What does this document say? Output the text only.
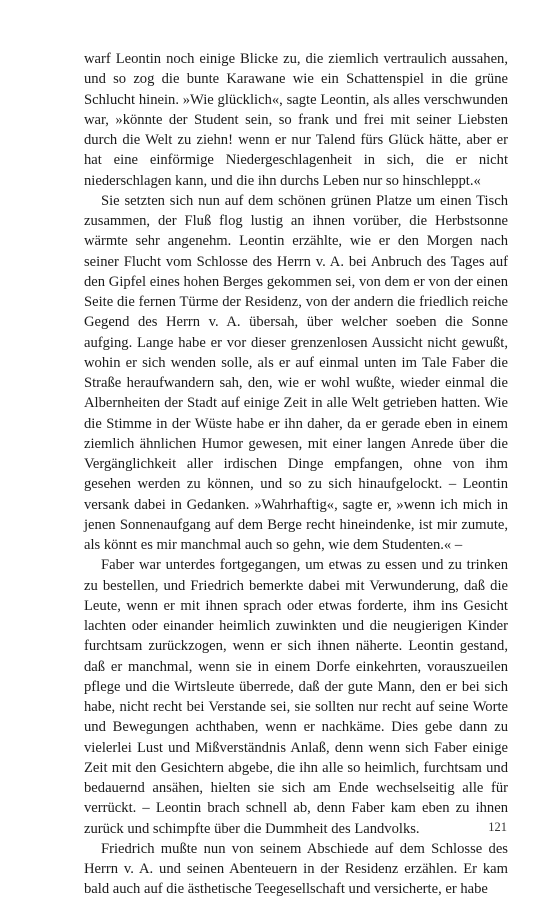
warf Leontin noch einige Blicke zu, die ziemlich vertraulich aussahen, und so zog die bunte Karawane wie ein Schattenspiel in die grüne Schlucht hinein. »Wie glücklich«, sagte Leontin, als alles verschwunden war, »könnte der Student sein, so frank und frei mit seiner Liebsten durch die Welt zu ziehn! wenn er nur Talend fürs Glück hätte, aber er hat eine einförmige Niedergeschlagenheit in sich, die er nicht niederschlagen kann, und die ihn durchs Leben nur so hinschleppt.«

Sie setzten sich nun auf dem schönen grünen Platze um einen Tisch zusammen, der Fluß flog lustig an ihnen vorüber, die Herbstsonne wärmte sehr angenehm. Leontin erzählte, wie er den Morgen nach seiner Flucht vom Schlosse des Herrn v. A. bei Anbruch des Tages auf den Gipfel eines hohen Berges gekommen sei, von dem er von der einen Seite die fernen Türme der Residenz, von der andern die friedlich reiche Gegend des Herrn v. A. übersah, über welcher soeben die Sonne aufging. Lange habe er vor dieser grenzenlosen Aussicht nicht gewußt, wohin er sich wenden solle, als er auf einmal unten im Tale Faber die Straße heraufwandern sah, den, wie er wohl wußte, wieder einmal die Albernheiten der Stadt auf einige Zeit in alle Welt getrieben hatten. Wie die Stimme in der Wüste habe er ihn daher, da er gerade eben in einem ziemlich ähnlichen Humor gewesen, mit einer langen Anrede über die Vergänglichkeit aller irdischen Dinge empfangen, ohne von ihm gesehen werden zu können, und so zu sich hinaufgelockt. – Leontin versank dabei in Gedanken. »Wahrhaftig«, sagte er, »wenn ich mich in jenen Sonnenaufgang auf dem Berge recht hineindenke, ist mir zumute, als könnt es mir manchmal auch so gehn, wie dem Studenten.« –

Faber war unterdes fortgegangen, um etwas zu essen und zu trinken zu bestellen, und Friedrich bemerkte dabei mit Verwunderung, daß die Leute, wenn er mit ihnen sprach oder etwas forderte, ihm ins Gesicht lachten oder einander heimlich zuwinkten und die neugierigen Kinder furchtsam zurückzogen, wenn er sich ihnen näherte. Leontin gestand, daß er manchmal, wenn sie in einem Dorfe einkehrten, vorauszueilen pflege und die Wirtsleute überrede, daß der gute Mann, den er bei sich habe, nicht recht bei Verstande sei, sie sollten nur recht auf seine Worte und Bewegungen achthaben, wenn er nachkäme. Dies gebe dann zu vielerlei Lust und Mißverständnis Anlaß, denn wenn sich Faber einige Zeit mit den Gesichtern abgebe, die ihn alle so heimlich, furchtsam und bedauernd ansähen, hielten sie sich am Ende wechselseitig alle für verrückt. – Leontin brach schnell ab, denn Faber kam eben zu ihnen zurück und schimpfte über die Dummheit des Landvolks.

Friedrich mußte nun von seinem Abschiede auf dem Schlosse des Herrn v. A. und seinen Abenteuern in der Residenz erzählen. Er kam bald auch auf die ästhetische Teegesellschaft und versicherte, er habe

121
